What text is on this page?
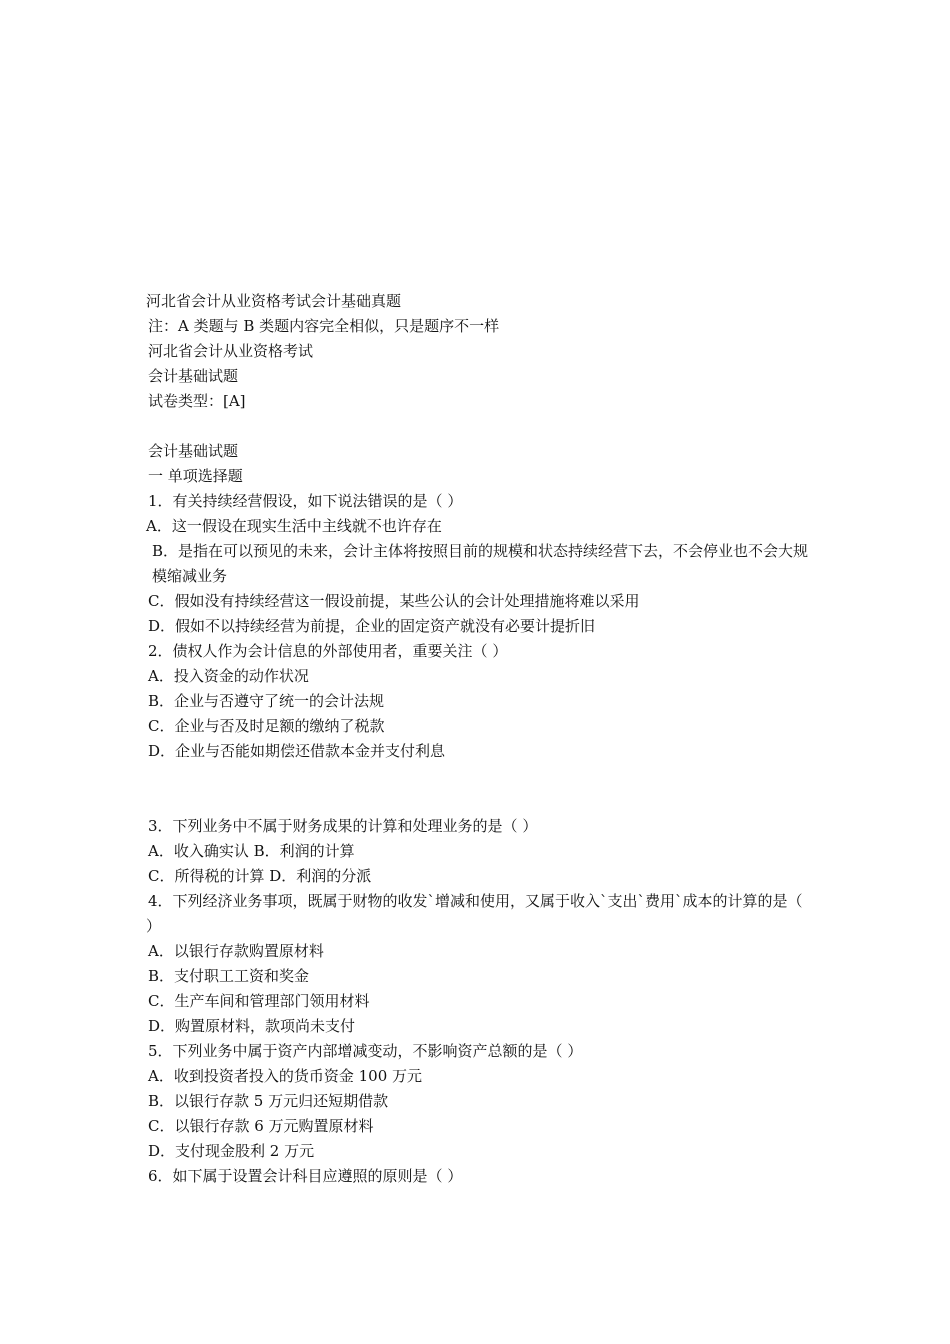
河北省会计从业资格考试会计基础真题
注：A 类题与 B 类题内容完全相似，只是题序不一样
河北省会计从业资格考试
会计基础试题
试卷类型：[A]
会计基础试题
一 单项选择题
1．有关持续经营假设，如下说法错误的是（ ）
A．这一假设在现实生活中主线就不也许存在
B．是指在可以预见的未来，会计主体将按照目前的规模和状态持续经营下去，不会停业也不会大规模缩减业务
C．假如没有持续经营这一假设前提，某些公认的会计处理措施将难以采用
D．假如不以持续经营为前提，企业的固定资产就没有必要计提折旧
2．债权人作为会计信息的外部使用者，重要关注（ ）
A．投入资金的动作状况
B．企业与否遵守了统一的会计法规
C．企业与否及时足额的缴纳了税款
D．企业与否能如期偿还借款本金并支付利息
3．下列业务中不属于财务成果的计算和处理业务的是（ ）
A．收入确实认 B．利润的计算
C．所得税的计算 D．利润的分派
4．下列经济业务事项，既属于财物的收发`增减和使用，又属于收入`支出`费用`成本的计算的是（
）
A．以银行存款购置原材料
B．支付职工工资和奖金
C．生产车间和管理部门领用材料
D．购置原材料，款项尚未支付
5．下列业务中属于资产内部增减变动，不影响资产总额的是（ ）
A．收到投资者投入的货币资金 100 万元
B．以银行存款 5 万元归还短期借款
C．以银行存款 6 万元购置原材料
D．支付现金股利 2 万元
6．如下属于设置会计科目应遵照的原则是（ ）
